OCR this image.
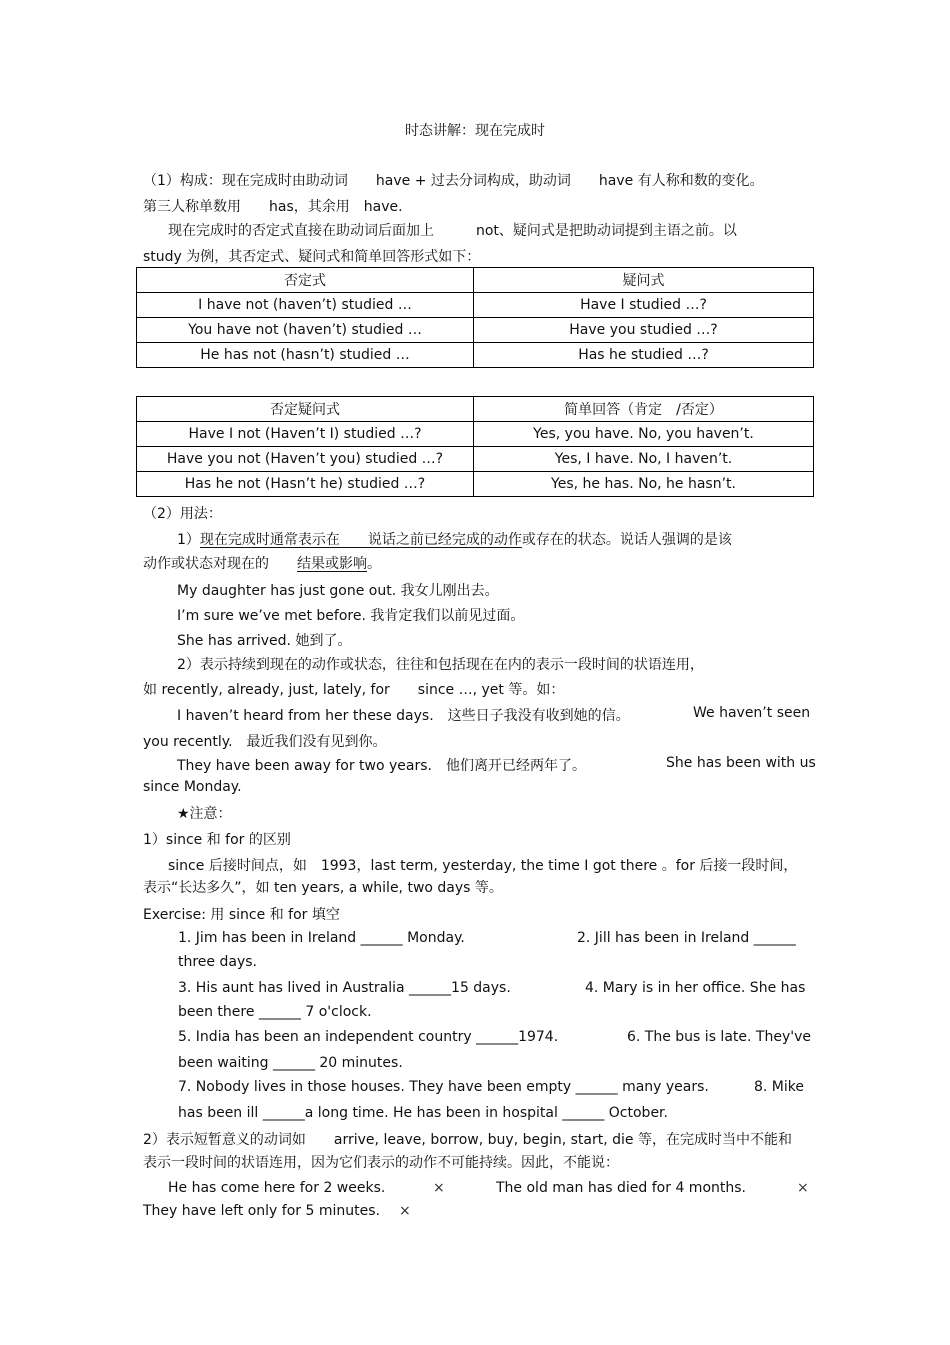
时态讲解：现在完成时
（1）构成：现在完成时由助动词　　have + 过去分词构成，助动词　　have 有人称和数的变化。
第三人称单数用　　has，其余用　have.
现在完成时的否定式直接在助动词后面加上　　　not、疑问式是把助动词提到主语之前。以
study 为例，其否定式、疑问式和简单回答形式如下：
否定式	疑问式
I have not (haven’t) studied …	Have I studied …?
You have not (haven’t) studied …	Have you studied …?
He has not (hasn’t) studied …	Has he studied …?
否定疑问式	简单回答（肯定　/否定）
Have I not (Haven’t I) studied …?	Yes, you have. No, you haven’t.
Have you not (Haven’t you) studied …?	Yes, I have. No, I haven’t.
Has he not (Hasn’t he) studied …?	Yes, he has. No, he hasn’t.
（2）用法：
1）现在完成时通常表示在　　说话之前已经完成的动作或存在的状态。说话人强调的是该
动作或状态对现在的　　结果或影响。
My daughter has just gone out. 我女儿刚出去。
I’m sure we’ve met before. 我肯定我们以前见过面。
She has arrived. 她到了。
2）表示持续到现在的动作或状态，往往和包括现在在内的表示一段时间的状语连用，
如 recently, already, just, lately, for　　since …, yet 等。如：
I haven’t heard from her these days.　这些日子我没有收到她的信。	We haven’t seen
you recently.　最近我们没有见到你。
They have been away for two years.　他们离开已经两年了。	She has been with us
since Monday.
★注意：
1）since 和 for 的区别
since 后接时间点，如　1993，last term, yesterday, the time I got there 。for 后接一段时间，
表示“长达多久”，如 ten years, a while, two days 等。
Exercise: 用 since 和 for 填空
1. Jim has been in Ireland ______ Monday.	2. Jill has been in Ireland ______
three days.
3. His aunt has lived in Australia ______15 days.	4. Mary is in her office. She has
been there ______ 7 o'clock.
5. India has been an independent country ______1974.	6. The bus is late. They've
been waiting ______ 20 minutes.
7. Nobody lives in those houses. They have been empty ______ many years.	8. Mike
has been ill ______a long time. He has been in hospital ______ October.
2）表示短暂意义的动词如　　arrive, leave, borrow, buy, begin, start, die 等，在完成时当中不能和
表示一段时间的状语连用，因为它们表示的动作不可能持续。因此，不能说：
He has come here for 2 weeks.	×	The old man has died for 4 months.	×
They have left only for 5 minutes. ×
